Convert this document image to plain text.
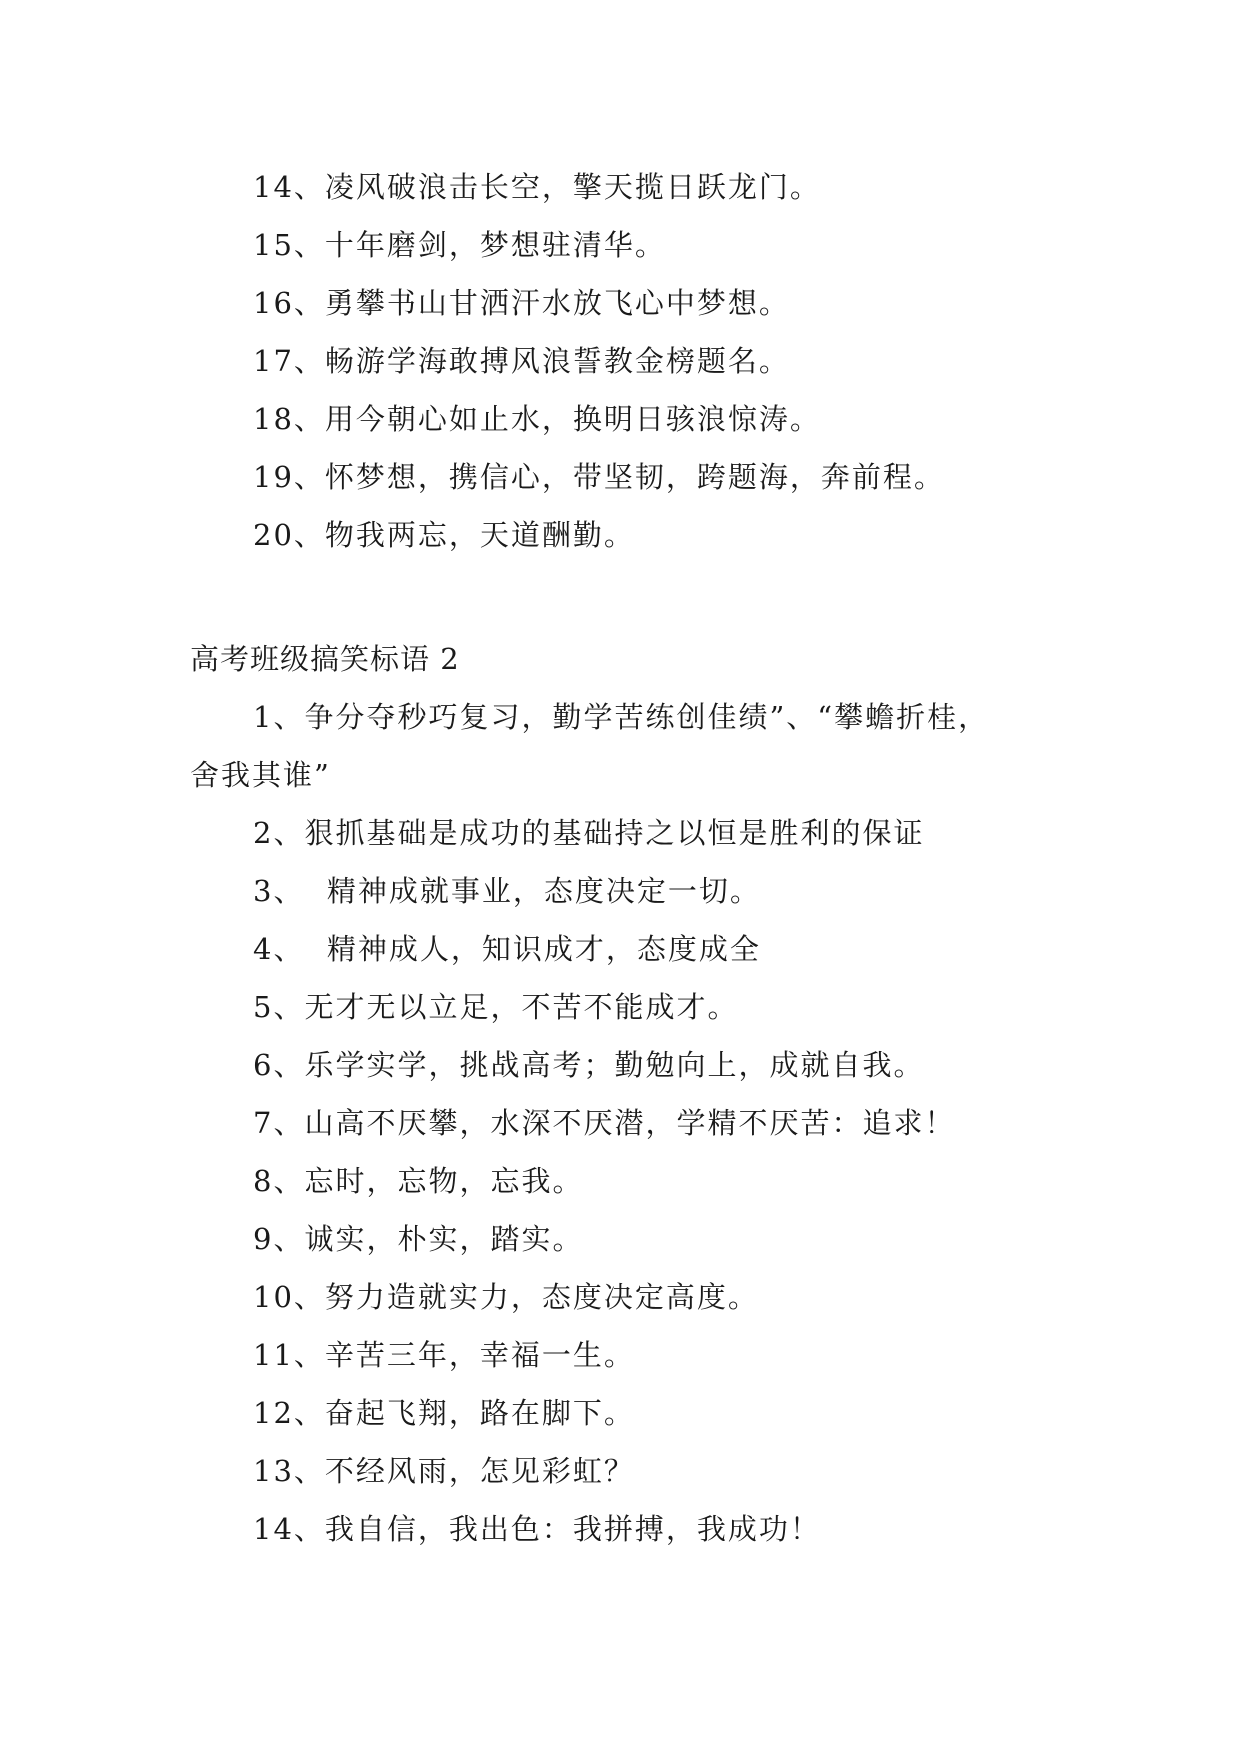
14、凌风破浪击长空，擎天揽日跃龙门。
15、十年磨剑，梦想驻清华。
16、勇攀书山甘洒汗水放飞心中梦想。
17、畅游学海敢搏风浪誓教金榜题名。
18、用今朝心如止水，换明日骇浪惊涛。
19、怀梦想，携信心，带坚韧，跨题海，奔前程。
20、物我两忘，天道酬勤。
高考班级搞笑标语 2
1、争分夺秒巧复习，勤学苦练创佳绩”、“攀蟾折桂，
舍我其谁”
2、狠抓基础是成功的基础持之以恒是胜利的保证
3、  精神成就事业，态度决定一切。
4、  精神成人，知识成才，态度成全
5、无才无以立足，不苦不能成才。
6、乐学实学，挑战高考；勤勉向上，成就自我。
7、山高不厌攀，水深不厌潜，学精不厌苦：追求！
8、忘时，忘物，忘我。
9、诚实，朴实，踏实。
10、努力造就实力，态度决定高度。
11、辛苦三年，幸福一生。
12、奋起飞翔，路在脚下。
13、不经风雨，怎见彩虹？
14、我自信，我出色：我拼搏，我成功！
